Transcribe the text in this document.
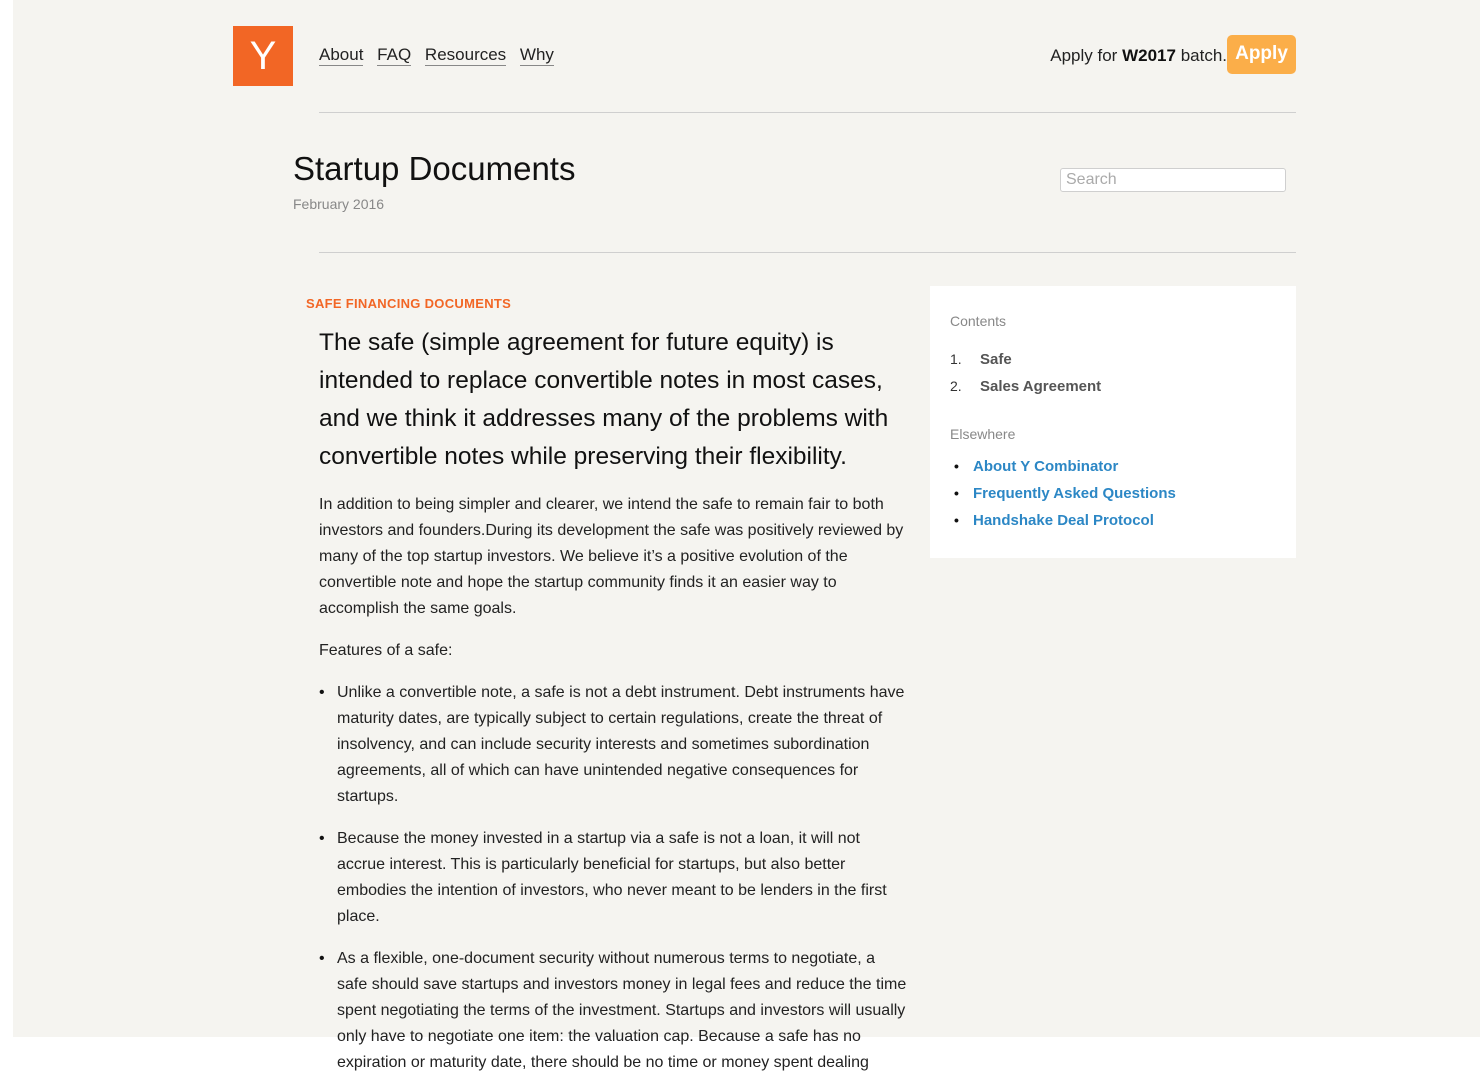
Y	About FAQ Resources Why	Apply for W2017 batch. Apply
Startup Documents
February 2016
Search
SAFE FINANCING DOCUMENTS

The safe (simple agreement for future equity) is intended to replace convertible notes in most cases, and we think it addresses many of the problems with convertible notes while preserving their flexibility.

In addition to being simpler and clearer, we intend the safe to remain fair to both investors and founders.During its development the safe was positively reviewed by many of the top startup investors. We believe it’s a positive evolution of the convertible note and hope the startup community finds it an easier way to accomplish the same goals.

Features of a safe:

• Unlike a convertible note, a safe is not a debt instrument. Debt instruments have maturity dates, are typically subject to certain regulations, create the threat of insolvency, and can include security interests and sometimes subordination agreements, all of which can have unintended negative consequences for startups.
• Because the money invested in a startup via a safe is not a loan, it will not accrue interest. This is particularly beneficial for startups, but also better embodies the intention of investors, who never meant to be lenders in the first place.
• As a flexible, one-document security without numerous terms to negotiate, a safe should save startups and investors money in legal fees and reduce the time spent negotiating the terms of the investment. Startups and investors will usually only have to negotiate one item: the valuation cap. Because a safe has no expiration or maturity date, there should be no time or money spent dealing
Contents
1. Safe
2. Sales Agreement
Elsewhere
• About Y Combinator
• Frequently Asked Questions
• Handshake Deal Protocol
